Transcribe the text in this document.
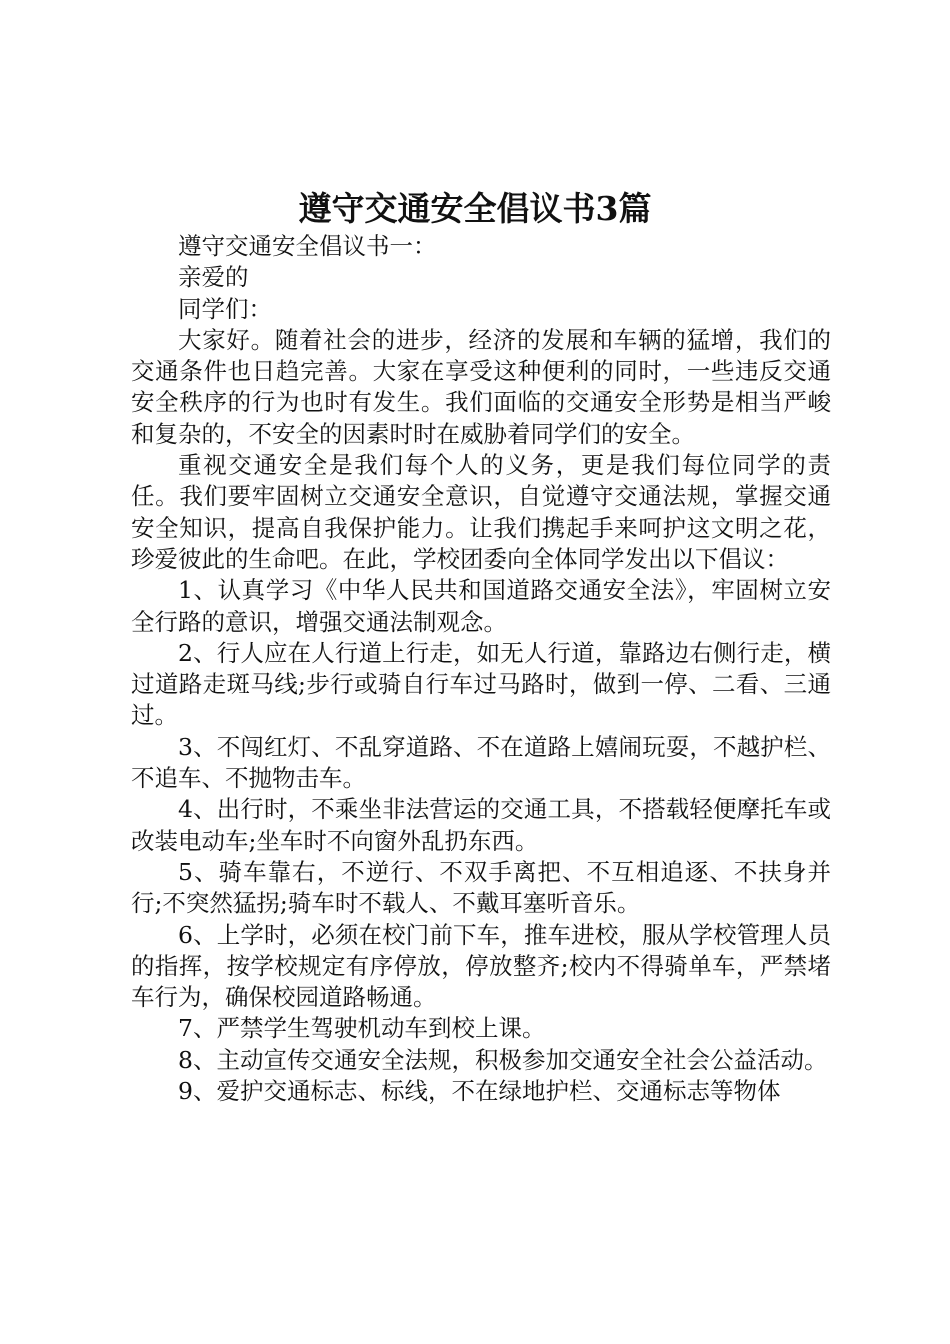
遵守交通安全倡议书3篇

遵守交通安全倡议书一：

亲爱的

同学们：

大家好。随着社会的进步，经济的发展和车辆的猛增，我们的交通条件也日趋完善。大家在享受这种便利的同时，一些违反交通安全秩序的行为也时有发生。我们面临的交通安全形势是相当严峻和复杂的，不安全的因素时时在威胁着同学们的安全。

重视交通安全是我们每个人的义务，更是我们每位同学的责任。我们要牢固树立交通安全意识，自觉遵守交通法规，掌握交通安全知识，提高自我保护能力。让我们携起手来呵护这文明之花，珍爱彼此的生命吧。在此，学校团委向全体同学发出以下倡议：

1、认真学习《中华人民共和国道路交通安全法》，牢固树立安全行路的意识，增强交通法制观念。

2、行人应在人行道上行走，如无人行道，靠路边右侧行走，横过道路走斑马线;步行或骑自行车过马路时，做到一停、二看、三通过。

3、不闯红灯、不乱穿道路、不在道路上嬉闹玩耍，不越护栏、不追车、不抛物击车。

4、出行时，不乘坐非法营运的交通工具，不搭载轻便摩托车或改装电动车;坐车时不向窗外乱扔东西。

5、骑车靠右，不逆行、不双手离把、不互相追逐、不扶身并行;不突然猛拐;骑车时不载人、不戴耳塞听音乐。

6、上学时，必须在校门前下车，推车进校，服从学校管理人员的指挥，按学校规定有序停放，停放整齐;校内不得骑单车，严禁堵车行为，确保校园道路畅通。

7、严禁学生驾驶机动车到校上课。

8、主动宣传交通安全法规，积极参加交通安全社会公益活动。

9、爱护交通标志、标线，不在绿地护栏、交通标志等物体
